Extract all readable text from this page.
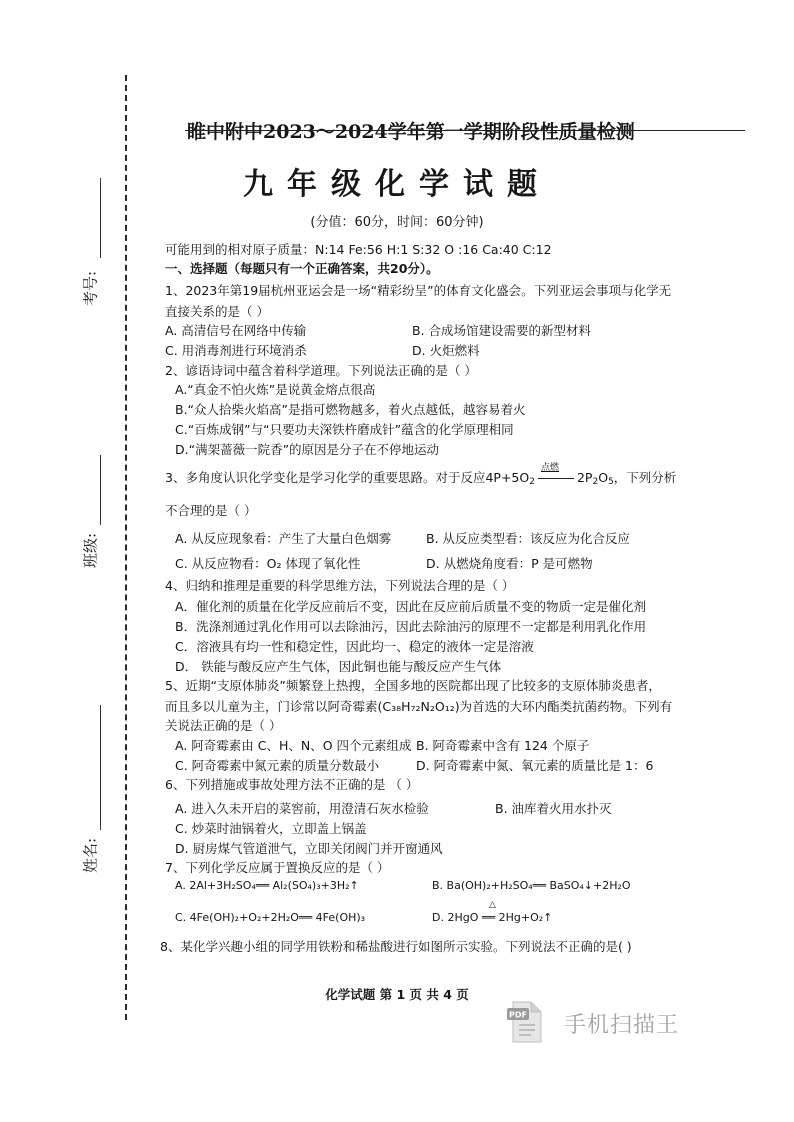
考号:
班级:
姓名:
睢中附中2023～2024学年第一学期阶段性质量检测
九年级化学试题
(分值：60分，时间：60分钟)
可能用到的相对原子质量：N:14 Fe:56 H:1 S:32 O :16 Ca:40 C:12
一、选择题（每题只有一个正确答案，共20分）。
1、2023年第19届杭州亚运会是一场“精彩纷呈”的体育文化盛会。下列亚运会事项与化学无
直接关系的是（ ）
A. 高清信号在网络中传输	B. 合成场馆建设需要的新型材料
C. 用消毒剂进行环境消杀	D. 火炬燃料
2、谚语诗词中蕴含着科学道理。下列说法正确的是（ ）
A.“真金不怕火炼”是说黄金熔点很高
B.“众人拾柴火焰高”是指可燃物越多，着火点越低，越容易着火
C.“百炼成钢”与“只要功夫深铁杵磨成针”蕴含的化学原理相同
D.“满架蔷薇一院香”的原因是分子在不停地运动
3、多角度认识化学变化是学习化学的重要思路。对于反应$4P+5O_2$
点燃
$2P_2O_5$，下列分析
不合理的是（ ）
A. 从反应现象看：产生了大量白色烟雾	B. 从反应类型看：该反应为化合反应
C. 从反应物看：O₂ 体现了氧化性	D. 从燃烧角度看：P 是可燃物
4、归纳和推理是重要的科学思维方法，下列说法合理的是（ ）
A．催化剂的质量在化学反应前后不变，因此在反应前后质量不变的物质一定是催化剂
B．洗涤剂通过乳化作用可以去除油污，因此去除油污的原理不一定都是利用乳化作用
C．溶液具有均一性和稳定性，因此均一、稳定的液体一定是溶液
D． 铁能与酸反应产生气体，因此铜也能与酸反应产生气体
5、近期“支原体肺炎”频繁登上热搜，全国多地的医院都出现了比较多的支原体肺炎患者，
而且多以儿童为主，门诊常以阿奇霉素(C₃₈H₇₂N₂O₁₂)为首选的大环内酯类抗菌药物。下列有
关说法正确的是（ ）
A. 阿奇霉素由 C、H、N、O 四个元素组成 B. 阿奇霉素中含有 124 个原子
C. 阿奇霉素中氮元素的质量分数最小	D. 阿奇霉素中氮、氧元素的质量比是 1：6
6、下列措施或事故处理方法不正确的是 （ ）
A. 进入久未开启的菜窖前，用澄清石灰水检验	B. 油库着火用水扑灭
C. 炒菜时油锅着火，立即盖上锅盖
D. 厨房煤气管道泄气，立即关闭阀门并开窗通风
7、下列化学反应属于置换反应的是（ ）
A. 2Al+3H₂SO₄══ Al₂(SO₄)₃+3H₂↑	B. Ba(OH)₂+H₂SO₄══ BaSO₄↓+2H₂O
C. 4Fe(OH)₂+O₂+2H₂O══ 4Fe(OH)₃	D. 2HgO ══ 2Hg+O₂↑
△
8、某化学兴趣小组的同学用铁粉和稀盐酸进行如图所示实验。下列说法不正确的是( )
化学试题 第 1 页 共 4 页
PDF 手机扫描王
